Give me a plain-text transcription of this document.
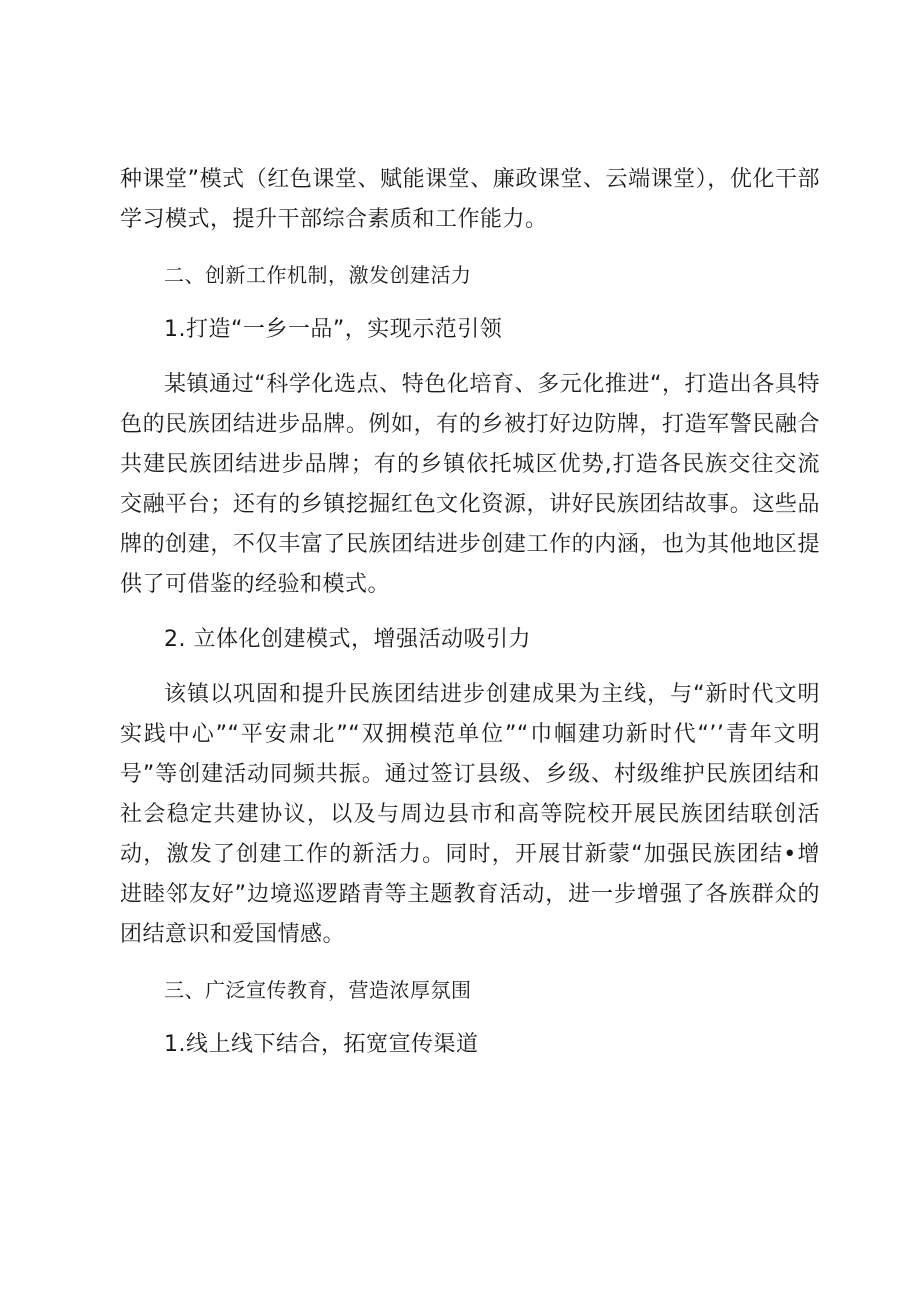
种课堂”模式（红色课堂、赋能课堂、廉政课堂、云端课堂），优化干部学习模式，提升干部综合素质和工作能力。

二、创新工作机制，激发创建活力

1.打造“一乡一品”，实现示范引领

某镇通过“科学化选点、特色化培育、多元化推进“，打造出各具特色的民族团结进步品牌。例如，有的乡被打好边防牌，打造军警民融合共建民族团结进步品牌；有的乡镇依托城区优势,打造各民族交往交流交融平台；还有的乡镇挖掘红色文化资源，讲好民族团结故事。这些品牌的创建，不仅丰富了民族团结进步创建工作的内涵，也为其他地区提供了可借鉴的经验和模式。

2. 立体化创建模式，增强活动吸引力

该镇以巩固和提升民族团结进步创建成果为主线，与“新时代文明实践中心”“平安肃北”“双拥模范单位”“巾帼建功新时代“’’青年文明号”等创建活动同频共振。通过签订县级、乡级、村级维护民族团结和社会稳定共建协议，以及与周边县市和高等院校开展民族团结联创活动，激发了创建工作的新活力。同时，开展甘新蒙“加强民族团结•增进睦邻友好”边境巡逻踏青等主题教育活动，进一步增强了各族群众的团结意识和爱国情感。

三、广泛宣传教育，营造浓厚氛围

1.线上线下结合，拓宽宣传渠道
